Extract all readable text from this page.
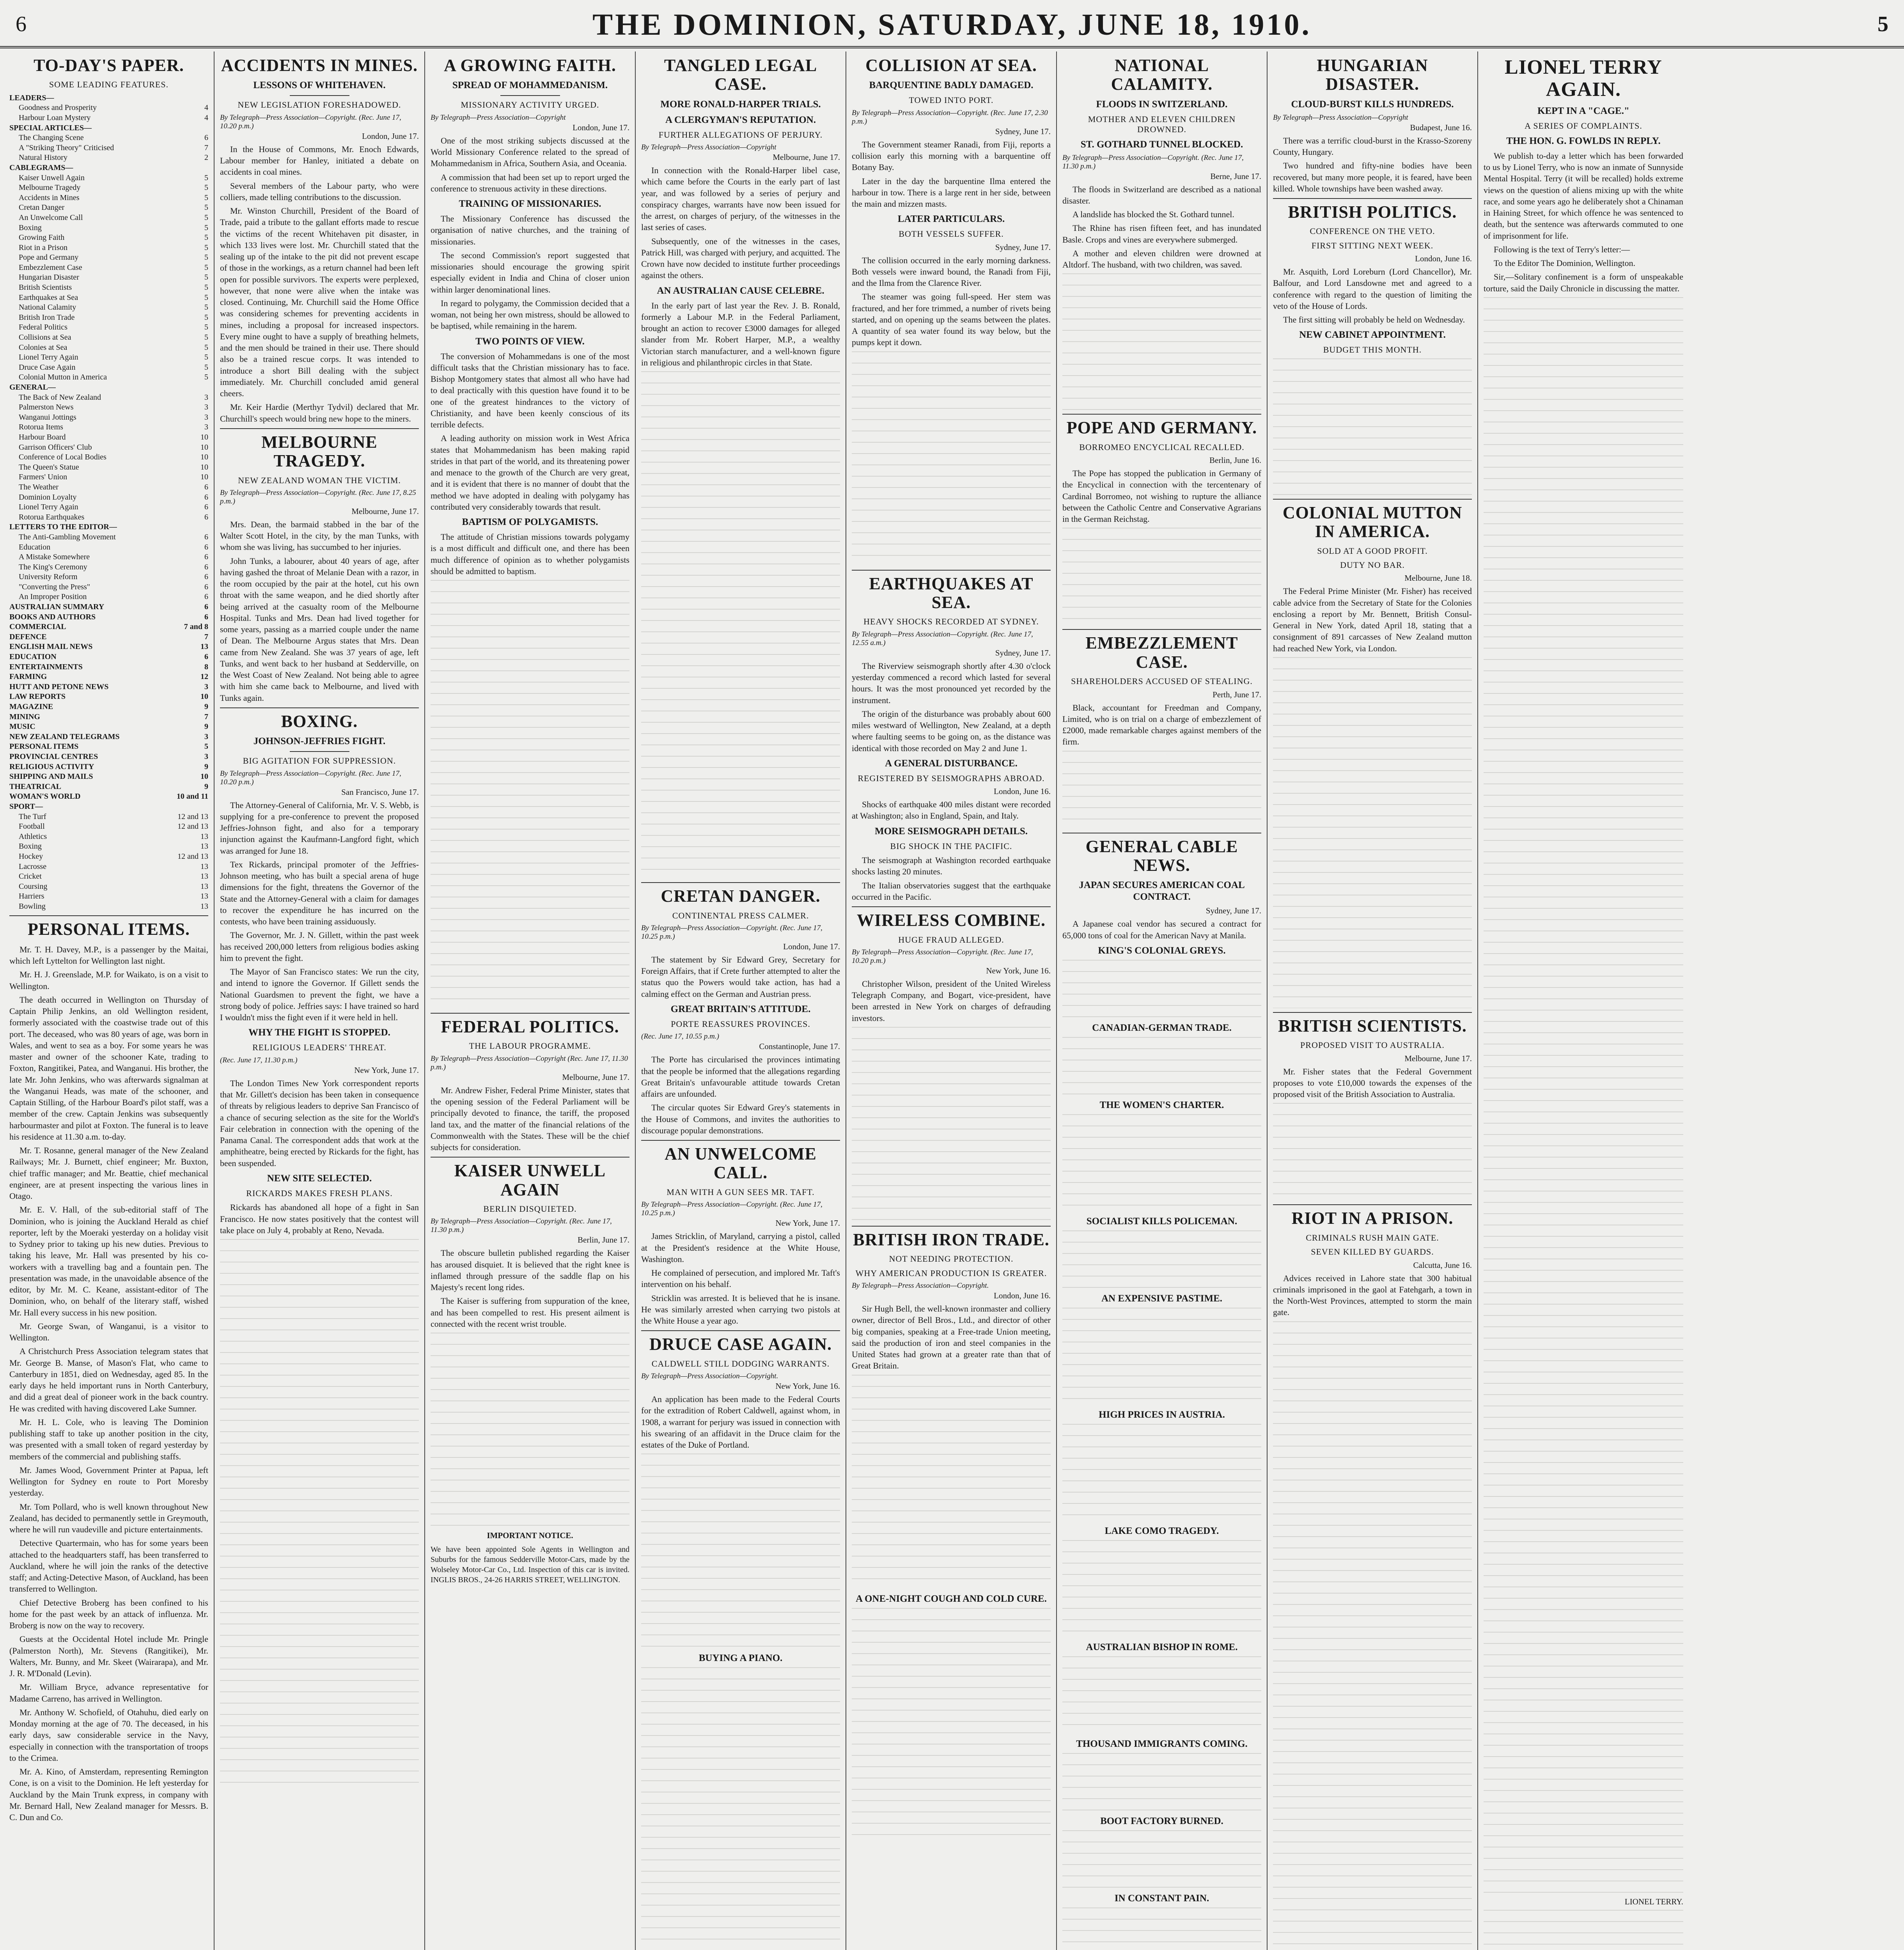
6	THE DOMINION, SATURDAY, JUNE 18, 1910.	5
TO-DAY'S PAPER.
SOME LEADING FEATURES.
LEADERS—
Goodness and Prosperity	4
Harbour Loan Mystery	4
SPECIAL ARTICLES—
The Changing Scene	6
A "Striking Theory" Criticised	7
Natural History	2
CABLEGRAMS—
Kaiser Unwell Again	5
Melbourne Tragedy	5
Accidents in Mines	5
Cretan Danger	5
An Unwelcome Call	5
Boxing	5
Growing Faith	5
Riot in a Prison	5
Pope and Germany	5
Embezzlement Case	5
Hungarian Disaster	5
British Scientists	5
Earthquakes at Sea	5
National Calamity	5
British Iron Trade	5
Federal Politics	5
Collisions at Sea	5
Colonies at Sea	5
Lionel Terry Again	5
Druce Case Again	5
Colonial Mutton in America	5
GENERAL—
The Back of New Zealand	3
Palmerston News	3
Wanganui Jottings	3
Rotorua Items	3
Harbour Board	10
Garrison Officers' Club	10
Conference of Local Bodies	10
The Queen's Statue	10
Farmers' Union	10
The Weather	6
Dominion Loyalty	6
Lionel Terry Again	6
Rotorua Earthquakes	6
LETTERS TO THE EDITOR—
The Anti-Gambling Movement	6
Education	6
A Mistake Somewhere	6
The King's Ceremony	6
University Reform	6
"Converting the Press"	6
An Improper Position	6
AUSTRALIAN SUMMARY	6
BOOKS AND AUTHORS	6
COMMERCIAL	7 and 8
DEFENCE	7
ENGLISH MAIL NEWS	13
EDUCATION	6
ENTERTAINMENTS	8
FARMING	12
HUTT AND PETONE NEWS	3
LAW REPORTS	10
MAGAZINE	9
MINING	7
MUSIC	9
NEW ZEALAND TELEGRAMS	3
PERSONAL ITEMS	5
PROVINCIAL CENTRES	3
RELIGIOUS ACTIVITY	9
SHIPPING AND MAILS	10
THEATRICAL	9
WOMAN'S WORLD	10 and 11
SPORT—
The Turf	12 and 13
Football	12 and 13
Athletics	13
Boxing	13
Hockey	12 and 13
Lacrosse	13
Cricket	13
Coursing	13
Harriers	13
Bowling	13
PERSONAL ITEMS.

Mr. T. H. Davey, M.P., is a passenger by the Maitai, which left Lyttelton for Wellington last night.

Mr. H. J. Greenslade, M.P. for Waikato, is on a visit to Wellington.

The death occurred in Wellington on Thursday of Captain Philip Jenkins, an old Wellington resident, formerly associated with the coastwise trade out of this port. The deceased, who was 80 years of age, was born in Wales, and went to sea as a boy. For some years he was master and owner of the schooner Kate, trading to Foxton, Rangitikei, Patea, and Wanganui. His brother, the late Mr. John Jenkins, who was afterwards signalman at the Wanganui Heads, was mate of the schooner, and Captain Stilling, of the Harbour Board's pilot staff, was a member of the crew. Captain Jenkins was subsequently harbourmaster and pilot at Foxton. The funeral is to leave his residence at 11.30 a.m. to-day.

Mr. T. Rosanne, general manager of the New Zealand Railways; Mr. J. Burnett, chief engineer; Mr. Buxton, chief traffic manager; and Mr. Beattie, chief mechanical engineer, are at present inspecting the various lines in Otago.

Mr. E. V. Hall, of the sub-editorial staff of The Dominion, who is joining the Auckland Herald as chief reporter, left by the Moeraki yesterday on a holiday visit to Sydney prior to taking up his new duties. Previous to taking his leave, Mr. Hall was presented by his co-workers with a travelling bag and a fountain pen. The presentation was made, in the unavoidable absence of the editor, by Mr. M. C. Keane, assistant-editor of The Dominion, who, on behalf of the literary staff, wished Mr. Hall every success in his new position.

Mr. George Swan, of Wanganui, is a visitor to Wellington.

A Christchurch Press Association telegram states that Mr. George B. Manse, of Mason's Flat, who came to Canterbury in 1851, died on Wednesday, aged 85. In the early days he held important runs in North Canterbury, and did a great deal of pioneer work in the back country. He was credited with having discovered Lake Sumner.

Mr. H. L. Cole, who is leaving The Dominion publishing staff to take up another position in the city, was presented with a small token of regard yesterday by members of the commercial and publishing staffs.

Mr. James Wood, Government Printer at Papua, left Wellington for Sydney en route to Port Moresby yesterday.

Mr. Tom Pollard, who is well known throughout New Zealand, has decided to permanently settle in Greymouth, where he will run vaudeville and picture entertainments.

Detective Quartermain, who has for some years been attached to the headquarters staff, has been transferred to Auckland, where he will join the ranks of the detective staff; and Acting-Detective Mason, of Auckland, has been transferred to Wellington.

Chief Detective Broberg has been confined to his home for the past week by an attack of influenza. Mr. Broberg is now on the way to recovery.

Guests at the Occidental Hotel include Mr. Pringle (Palmerston North), Mr. Stevens (Rangitikei), Mr. Walters, Mr. Bunny, and Mr. Skeet (Wairarapa), and Mr. J. R. M'Donald (Levin).

Mr. William Bryce, advance representative for Madame Carreno, has arrived in Wellington.

Mr. Anthony W. Schofield, of Otahuhu, died early on Monday morning at the age of 70. The deceased, in his early days, saw considerable service in the Navy, especially in connection with the transportation of troops to the Crimea.

Mr. A. Kino, of Amsterdam, representing Remington Cone, is on a visit to the Dominion. He left yesterday for Auckland by the Main Trunk express, in company with Mr. Bernard Hall, New Zealand manager for Messrs. B. C. Dun and Co.

ACCIDENTS IN MINES.
LESSONS OF WHITEHAVEN.
NEW LEGISLATION FORESHADOWED.
By Telegraph—Press Association—Copyright. (Rec. June 17, 10.20 p.m.)
London, June 17.

In the House of Commons, Mr. Enoch Edwards, Labour member for Hanley, initiated a debate on accidents in coal mines.

Several members of the Labour party, who were colliers, made telling contributions to the discussion.

Mr. Winston Churchill, President of the Board of Trade, paid a tribute to the gallant efforts made to rescue the victims of the recent Whitehaven pit disaster, in which 133 lives were lost. Mr. Churchill stated that the sealing up of the intake to the pit did not prevent escape of those in the workings, as a return channel had been left open for possible survivors. The experts were perplexed, however, that none were alive when the intake was closed. Continuing, Mr. Churchill said the Home Office was considering schemes for preventing accidents in mines, including a proposal for increased inspectors. Every mine ought to have a supply of breathing helmets, and the men should be trained in their use. There should also be a trained rescue corps. It was intended to introduce a short Bill dealing with the subject immediately. Mr. Churchill concluded amid general cheers.

Mr. Keir Hardie (Merthyr Tydvil) declared that Mr. Churchill's speech would bring new hope to the miners.

MELBOURNE TRAGEDY.
NEW ZEALAND WOMAN THE VICTIM.
By Telegraph—Press Association—Copyright. (Rec. June 17, 8.25 p.m.)
Melbourne, June 17.

Mrs. Dean, the barmaid stabbed in the bar of the Walter Scott Hotel, in the city, by the man Tunks, with whom she was living, has succumbed to her injuries.

John Tunks, a labourer, about 40 years of age, after having gashed the throat of Melanie Dean with a razor, in the room occupied by the pair at the hotel, cut his own throat with the same weapon, and he died shortly after being arrived at the casualty room of the Melbourne Hospital. Tunks and Mrs. Dean had lived together for some years, passing as a married couple under the name of Dean. The Melbourne Argus states that Mrs. Dean came from New Zealand. She was 37 years of age, left Tunks, and went back to her husband at Sedderville, on the West Coast of New Zealand. Not being able to agree with him she came back to Melbourne, and lived with Tunks again.

BOXING.
JOHNSON-JEFFRIES FIGHT.
BIG AGITATION FOR SUPPRESSION.
By Telegraph—Press Association—Copyright. (Rec. June 17, 10.20 p.m.)
San Francisco, June 17.

The Attorney-General of California, Mr. V. S. Webb, is supplying for a pre-conference to prevent the proposed Jeffries-Johnson fight, and also for a temporary injunction against the Kaufmann-Langford fight, which was arranged for June 18.

Tex Rickards, principal promoter of the Jeffries-Johnson meeting, who has built a special arena of huge dimensions for the fight, threatens the Governor of the State and the Attorney-General with a claim for damages to recover the expenditure he has incurred on the contests, who have been training assiduously.

The Governor, Mr. J. N. Gillett, within the past week has received 200,000 letters from religious bodies asking him to prevent the fight.

The Mayor of San Francisco states: We run the city, and intend to ignore the Governor. If Gillett sends the National Guardsmen to prevent the fight, we have a strong body of police. Jeffries says: I have trained so hard I wouldn't miss the fight even if it were held in hell.

WHY THE FIGHT IS STOPPED.
RELIGIOUS LEADERS' THREAT.
(Rec. June 17, 11.30 p.m.)
New York, June 17.

The London Times New York correspondent reports that Mr. Gillett's decision has been taken in consequence of threats by religious leaders to deprive San Francisco of a chance of securing selection as the site for the World's Fair celebration in connection with the opening of the Panama Canal. The correspondent adds that work at the amphitheatre, being erected by Rickards for the fight, has been suspended.

NEW SITE SELECTED.
RICKARDS MAKES FRESH PLANS.

Rickards has abandoned all hope of a fight in San Francisco. He now states positively that the contest will take place on July 4, probably at Reno, Nevada.

A GROWING FAITH.
SPREAD OF MOHAMMEDANISM.
MISSIONARY ACTIVITY URGED.
By Telegraph—Press Association—Copyright
London, June 17.

One of the most striking subjects discussed at the World Missionary Conference related to the spread of Mohammedanism in Africa, Southern Asia, and Oceania.

A commission that had been set up to report urged the conference to strenuous activity in these directions.

TRAINING OF MISSIONARIES.

The Missionary Conference has discussed the organisation of native churches, and the training of missionaries.

The second Commission's report suggested that missionaries should encourage the growing spirit especially evident in India and China of closer union within larger denominational lines.

In regard to polygamy, the Commission decided that a woman, not being her own mistress, should be allowed to be baptised, while remaining in the harem.

TWO POINTS OF VIEW.

The conversion of Mohammedans is one of the most difficult tasks that the Christian missionary has to face. Bishop Montgomery states that almost all who have had to deal practically with this question have found it to be one of the greatest hindrances to the victory of Christianity, and have been keenly conscious of its terrible defects.

A leading authority on mission work in West Africa states that Mohammedanism has been making rapid strides in that part of the world, and its threatening power and menace to the growth of the Church are very great, and it is evident that there is no manner of doubt that the method we have adopted in dealing with polygamy has contributed very considerably towards that result.

BAPTISM OF POLYGAMISTS.

The attitude of Christian missions towards polygamy is a most difficult and difficult one, and there has been much difference of opinion as to whether polygamists should be admitted to baptism.

FEDERAL POLITICS.
THE LABOUR PROGRAMME.
By Telegraph—Press Association—Copyright (Rec. June 17, 11.30 p.m.)
Melbourne, June 17.

Mr. Andrew Fisher, Federal Prime Minister, states that the opening session of the Federal Parliament will be principally devoted to finance, the tariff, the proposed land tax, and the matter of the financial relations of the Commonwealth with the States. These will be the chief subjects for consideration.

KAISER UNWELL AGAIN
BERLIN DISQUIETED.
By Telegraph—Press Association—Copyright. (Rec. June 17, 11.30 p.m.)
Berlin, June 17.

The obscure bulletin published regarding the Kaiser has aroused disquiet. It is believed that the right knee is inflamed through pressure of the saddle flap on his Majesty's recent long rides.

The Kaiser is suffering from suppuration of the knee, and has been compelled to rest. His present ailment is connected with the recent wrist trouble.

IMPORTANT NOTICE.
We have been appointed Sole Agents in Wellington and Suburbs for the famous Sedderville Motor-Cars, made by the Wolseley Motor-Car Co., Ltd. Inspection of this car is invited. INGLIS BROS., 24-26 HARRIS STREET, WELLINGTON.
TANGLED LEGAL CASE.
MORE RONALD-HARPER TRIALS.
A CLERGYMAN'S REPUTATION.
FURTHER ALLEGATIONS OF PERJURY.
By Telegraph—Press Association—Copyright
Melbourne, June 17.

In connection with the Ronald-Harper libel case, which came before the Courts in the early part of last year, and was followed by a series of perjury and conspiracy charges, warrants have now been issued for the arrest, on charges of perjury, of the witnesses in the last series of cases.

Subsequently, one of the witnesses in the cases, Patrick Hill, was charged with perjury, and acquitted. The Crown have now decided to institute further proceedings against the others.

AN AUSTRALIAN CAUSE CELEBRE.

In the early part of last year the Rev. J. B. Ronald, formerly a Labour M.P. in the Federal Parliament, brought an action to recover £3000 damages for alleged slander from Mr. Robert Harper, M.P., a wealthy Victorian starch manufacturer, and a well-known figure in religious and philanthropic circles in that State.

CRETAN DANGER.
CONTINENTAL PRESS CALMER.
By Telegraph—Press Association—Copyright. (Rec. June 17, 10.25 p.m.)
London, June 17.

The statement by Sir Edward Grey, Secretary for Foreign Affairs, that if Crete further attempted to alter the status quo the Powers would take action, has had a calming effect on the German and Austrian press.

GREAT BRITAIN'S ATTITUDE.
PORTE REASSURES PROVINCES.
(Rec. June 17, 10.55 p.m.)
Constantinople, June 17.

The Porte has circularised the provinces intimating that the people be informed that the allegations regarding Great Britain's unfavourable attitude towards Cretan affairs are unfounded.

The circular quotes Sir Edward Grey's statements in the House of Commons, and invites the authorities to discourage popular demonstrations.

AN UNWELCOME CALL.
MAN WITH A GUN SEES MR. TAFT.
By Telegraph—Press Association—Copyright. (Rec. June 17, 10.25 p.m.)
New York, June 17.

James Stricklin, of Maryland, carrying a pistol, called at the President's residence at the White House, Washington.

He complained of persecution, and implored Mr. Taft's intervention on his behalf.

Stricklin was arrested. It is believed that he is insane. He was similarly arrested when carrying two pistols at the White House a year ago.

DRUCE CASE AGAIN.
CALDWELL STILL DODGING WARRANTS.
By Telegraph—Press Association—Copyright.
New York, June 16.

An application has been made to the Federal Courts for the extradition of Robert Caldwell, against whom, in 1908, a warrant for perjury was issued in connection with his swearing of an affidavit in the Druce claim for the estates of the Duke of Portland.

BUYING A PIANO.
COLLISION AT SEA.
BARQUENTINE BADLY DAMAGED.
TOWED INTO PORT.
By Telegraph—Press Association—Copyright. (Rec. June 17, 2.30 p.m.)
Sydney, June 17.

The Government steamer Ranadi, from Fiji, reports a collision early this morning with a barquentine off Botany Bay.

Later in the day the barquentine Ilma entered the harbour in tow. There is a large rent in her side, between the main and mizzen masts.

LATER PARTICULARS.
BOTH VESSELS SUFFER.
Sydney, June 17.

The collision occurred in the early morning darkness. Both vessels were inward bound, the Ranadi from Fiji, and the Ilma from the Clarence River.

The steamer was going full-speed. Her stem was fractured, and her fore trimmed, a number of rivets being started, and on opening up the seams between the plates. A quantity of sea water found its way below, but the pumps kept it down.

EARTHQUAKES AT SEA.
HEAVY SHOCKS RECORDED AT SYDNEY.
By Telegraph—Press Association—Copyright. (Rec. June 17, 12.55 a.m.)
Sydney, June 17.

The Riverview seismograph shortly after 4.30 o'clock yesterday commenced a record which lasted for several hours. It was the most pronounced yet recorded by the instrument.

The origin of the disturbance was probably about 600 miles westward of Wellington, New Zealand, at a depth where faulting seems to be going on, as the distance was identical with those recorded on May 2 and June 1.

A GENERAL DISTURBANCE.
REGISTERED BY SEISMOGRAPHS ABROAD.
London, June 16.

Shocks of earthquake 400 miles distant were recorded at Washington; also in England, Spain, and Italy.

MORE SEISMOGRAPH DETAILS.
BIG SHOCK IN THE PACIFIC.

The seismograph at Washington recorded earthquake shocks lasting 20 minutes.

The Italian observatories suggest that the earthquake occurred in the Pacific.

WIRELESS COMBINE.
HUGE FRAUD ALLEGED.
By Telegraph—Press Association—Copyright. (Rec. June 17, 10.20 p.m.)
New York, June 16.

Christopher Wilson, president of the United Wireless Telegraph Company, and Bogart, vice-president, have been arrested in New York on charges of defrauding investors.

BRITISH IRON TRADE.
NOT NEEDING PROTECTION.
WHY AMERICAN PRODUCTION IS GREATER.
By Telegraph—Press Association—Copyright.
London, June 16.

Sir Hugh Bell, the well-known ironmaster and colliery owner, director of Bell Bros., Ltd., and director of other big companies, speaking at a Free-trade Union meeting, said the production of iron and steel companies in the United States had grown at a greater rate than that of Great Britain.

A ONE-NIGHT COUGH AND COLD CURE.
NATIONAL CALAMITY.
FLOODS IN SWITZERLAND.
MOTHER AND ELEVEN CHILDREN DROWNED.
ST. GOTHARD TUNNEL BLOCKED.
By Telegraph—Press Association—Copyright. (Rec. June 17, 11.30 p.m.)
Berne, June 17.

The floods in Switzerland are described as a national disaster.

A landslide has blocked the St. Gothard tunnel.

The Rhine has risen fifteen feet, and has inundated Basle. Crops and vines are everywhere submerged.

A mother and eleven children were drowned at Altdorf. The husband, with two children, was saved.

POPE AND GERMANY.
BORROMEO ENCYCLICAL RECALLED.
Berlin, June 16.

The Pope has stopped the publication in Germany of the Encyclical in connection with the tercentenary of Cardinal Borromeo, not wishing to rupture the alliance between the Catholic Centre and Conservative Agrarians in the German Reichstag.

EMBEZZLEMENT CASE.
SHAREHOLDERS ACCUSED OF STEALING.
Perth, June 17.

Black, accountant for Freedman and Company, Limited, who is on trial on a charge of embezzlement of £2000, made remarkable charges against members of the firm.

GENERAL CABLE NEWS.
JAPAN SECURES AMERICAN COAL CONTRACT.
Sydney, June 17.

A Japanese coal vendor has secured a contract for 65,000 tons of coal for the American Navy at Manila.

KING'S COLONIAL GREYS.
CANADIAN-GERMAN TRADE.
THE WOMEN'S CHARTER.
SOCIALIST KILLS POLICEMAN.
AN EXPENSIVE PASTIME.
HIGH PRICES IN AUSTRIA.
LAKE COMO TRAGEDY.
AUSTRALIAN BISHOP IN ROME.
THOUSAND IMMIGRANTS COMING.
BOOT FACTORY BURNED.
IN CONSTANT PAIN.
HUNGARIAN DISASTER.
CLOUD-BURST KILLS HUNDREDS.
By Telegraph—Press Association—Copyright
Budapest, June 16.

There was a terrific cloud-burst in the Krasso-Szoreny County, Hungary.

Two hundred and fifty-nine bodies have been recovered, but many more people, it is feared, have been killed. Whole townships have been washed away.

BRITISH POLITICS.
CONFERENCE ON THE VETO.
FIRST SITTING NEXT WEEK.
London, June 16.

Mr. Asquith, Lord Loreburn (Lord Chancellor), Mr. Balfour, and Lord Lansdowne met and agreed to a conference with regard to the question of limiting the veto of the House of Lords.

The first sitting will probably be held on Wednesday.

NEW CABINET APPOINTMENT.
BUDGET THIS MONTH.
COLONIAL MUTTON IN AMERICA.
SOLD AT A GOOD PROFIT.
DUTY NO BAR.
Melbourne, June 18.

The Federal Prime Minister (Mr. Fisher) has received cable advice from the Secretary of State for the Colonies enclosing a report by Mr. Bennett, British Consul-General in New York, dated April 18, stating that a consignment of 891 carcasses of New Zealand mutton had reached New York, via London.

BRITISH SCIENTISTS.
PROPOSED VISIT TO AUSTRALIA.
Melbourne, June 17.

Mr. Fisher states that the Federal Government proposes to vote £10,000 towards the expenses of the proposed visit of the British Association to Australia.

RIOT IN A PRISON.
CRIMINALS RUSH MAIN GATE.
SEVEN KILLED BY GUARDS.
Calcutta, June 16.

Advices received in Lahore state that 300 habitual criminals imprisoned in the gaol at Fatehgarh, a town in the North-West Provinces, attempted to storm the main gate.

LIONEL TERRY AGAIN.
KEPT IN A "CAGE."
A SERIES OF COMPLAINTS.
THE HON. G. FOWLDS IN REPLY.

We publish to-day a letter which has been forwarded to us by Lionel Terry, who is now an inmate of Sunnyside Mental Hospital. Terry (it will be recalled) holds extreme views on the question of aliens mixing up with the white race, and some years ago he deliberately shot a Chinaman in Haining Street, for which offence he was sentenced to death, but the sentence was afterwards commuted to one of imprisonment for life.

Following is the text of Terry's letter:—

To the Editor The Dominion, Wellington.

Sir,—Solitary confinement is a form of unspeakable torture, said the Daily Chronicle in discussing the matter.

LIONEL TERRY.
